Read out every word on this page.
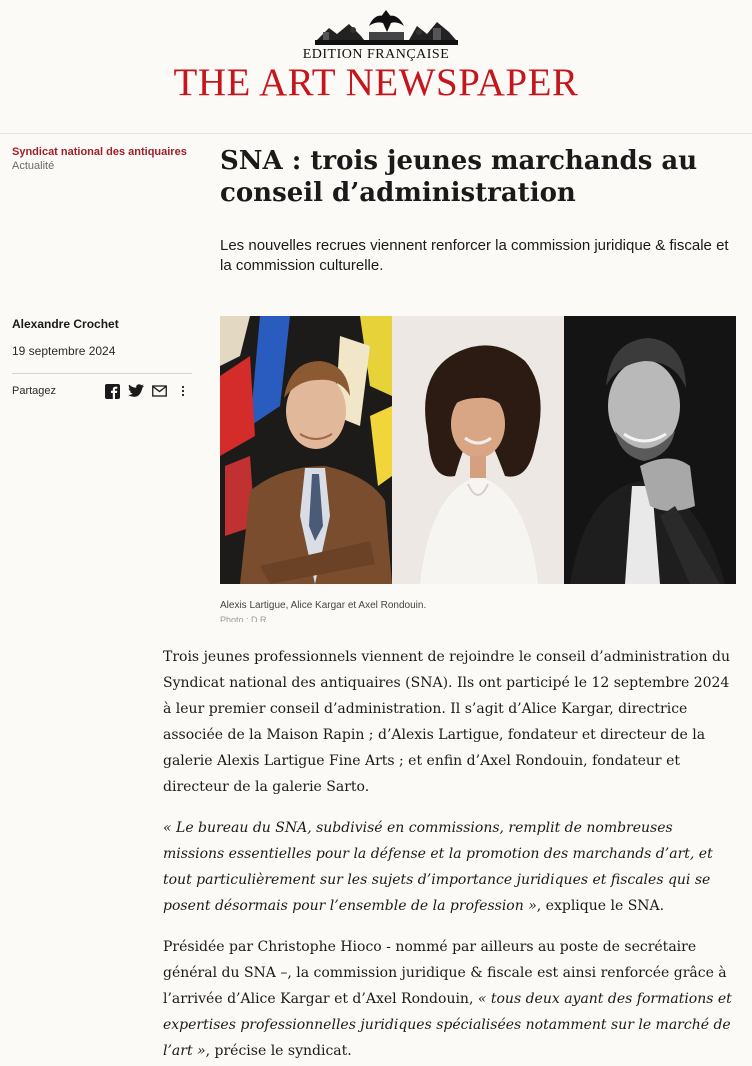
EDITION FRANÇAISE
THE ART NEWSPAPER
Syndicat national des antiquaires
Actualité
Alexandre Crochet
19 septembre 2024
Partagez
SNA : trois jeunes marchands au conseil d’administration

Les nouvelles recrues viennent renforcer la commission juridique & fiscale et la commission culturelle.

Alexis Lartigue, Alice Kargar et Axel Rondouin.
Photo : D.R.

Trois jeunes professionnels viennent de rejoindre le conseil d’administration du Syndicat national des antiquaires (SNA). Ils ont participé le 12 septembre 2024 à leur premier conseil d’administration. Il s’agit d’Alice Kargar, directrice associée de la Maison Rapin ; d’Alexis Lartigue, fondateur et directeur de la galerie Alexis Lartigue Fine Arts ; et enfin d’Axel Rondouin, fondateur et directeur de la galerie Sarto.

« Le bureau du SNA, subdivisé en commissions, remplit de nombreuses missions essentielles pour la défense et la promotion des marchands d’art, et tout particulièrement sur les sujets d’importance juridiques et fiscales qui se posent désormais pour l’ensemble de la profession », explique le SNA.

Présidée par Christophe Hioco - nommé par ailleurs au poste de secrétaire général du SNA –, la commission juridique & fiscale est ainsi renforcée grâce à l’arrivée d’Alice Kargar et d’Axel Rondouin, « tous deux ayant des formations et expertises professionnelles juridiques spécialisées notamment sur le marché de l’art », précise le syndicat.
